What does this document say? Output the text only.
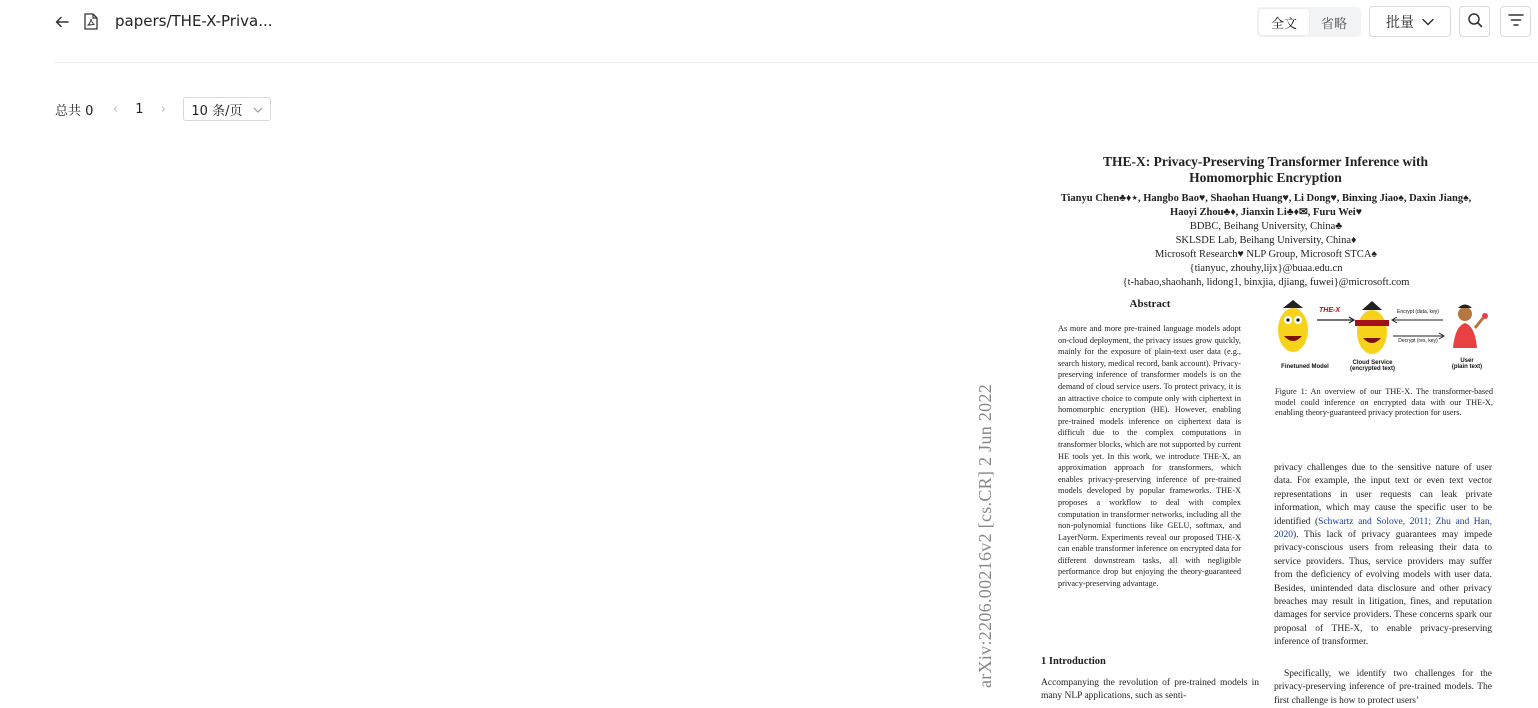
papers/THE-X-Priva...	全文	省略	批量
总共 0	‹	1	›	10 条/页
arXiv:2206.00216v2 [cs.CR] 2 Jun 2022
THE-X: Privacy-Preserving Transformer Inference with Homomorphic Encryption
Tianyu Chen♣♦⋆, Hangbo Bao♥, Shaohan Huang♥, Li Dong♥, Binxing Jiao♠, Daxin Jiang♠, Haoyi Zhou♣♦, Jianxin Li♣♦✉, Furu Wei♥
BDBC, Beihang University, China♣
SKLSDE Lab, Beihang University, China♦
Microsoft Research♥ NLP Group, Microsoft STCA♠
{tianyuc, zhouhy,lijx}@buaa.edu.cn
{t-habao,shaohanh, lidong1, binxjia, djiang, fuwei}@microsoft.com
Abstract
As more and more pre-trained language models adopt on-cloud deployment, the privacy issues grow quickly, mainly for the exposure of plain-text user data (e.g., search history, medical record, bank account). Privacy-preserving inference of transformer models is on the demand of cloud service users. To protect privacy, it is an attractive choice to compute only with ciphertext in homomorphic encryption (HE). However, enabling pre-trained models inference on ciphertext data is difficult due to the complex computations in transformer blocks, which are not supported by current HE tools yet. In this work, we introduce THE-X, an approximation approach for transformers, which enables privacy-preserving inference of pre-trained models developed by popular frameworks. THE-X proposes a workflow to deal with complex computation in transformer networks, including all the non-polynomial functions like GELU, softmax, and LayerNorm. Experiments reveal our proposed THE-X can enable transformer inference on encrypted data for different downstream tasks, all with negligible performance drop but enjoying the theory-guaranteed privacy-preserving advantage.
1 Introduction
Accompanying the revolution of pre-trained models in many NLP applications, such as senti-
THE-X	Encrypt (data, key)
Decrypt (res, key)
Finetuned Model
Cloud Service
(encrypted text)
User
(plain text)
Figure 1: An overview of our THE-X. The transformer-based model could inference on encrypted data with our THE-X, enabling theory-guaranteed privacy protection for users.
privacy challenges due to the sensitive nature of user data. For example, the input text or even text vector representations in user requests can leak private information, which may cause the specific user to be identified (Schwartz and Solove, 2011; Zhu and Han, 2020). This lack of privacy guarantees may impede privacy-conscious users from releasing their data to service providers. Thus, service providers may suffer from the deficiency of evolving models with user data. Besides, unintended data disclosure and other privacy breaches may result in litigation, fines, and reputation damages for service providers. These concerns spark our proposal of THE-X, to enable privacy-preserving inference of transformer.
Specifically, we identify two challenges for the privacy-preserving inference of pre-trained models. The first challenge is how to protect users’
